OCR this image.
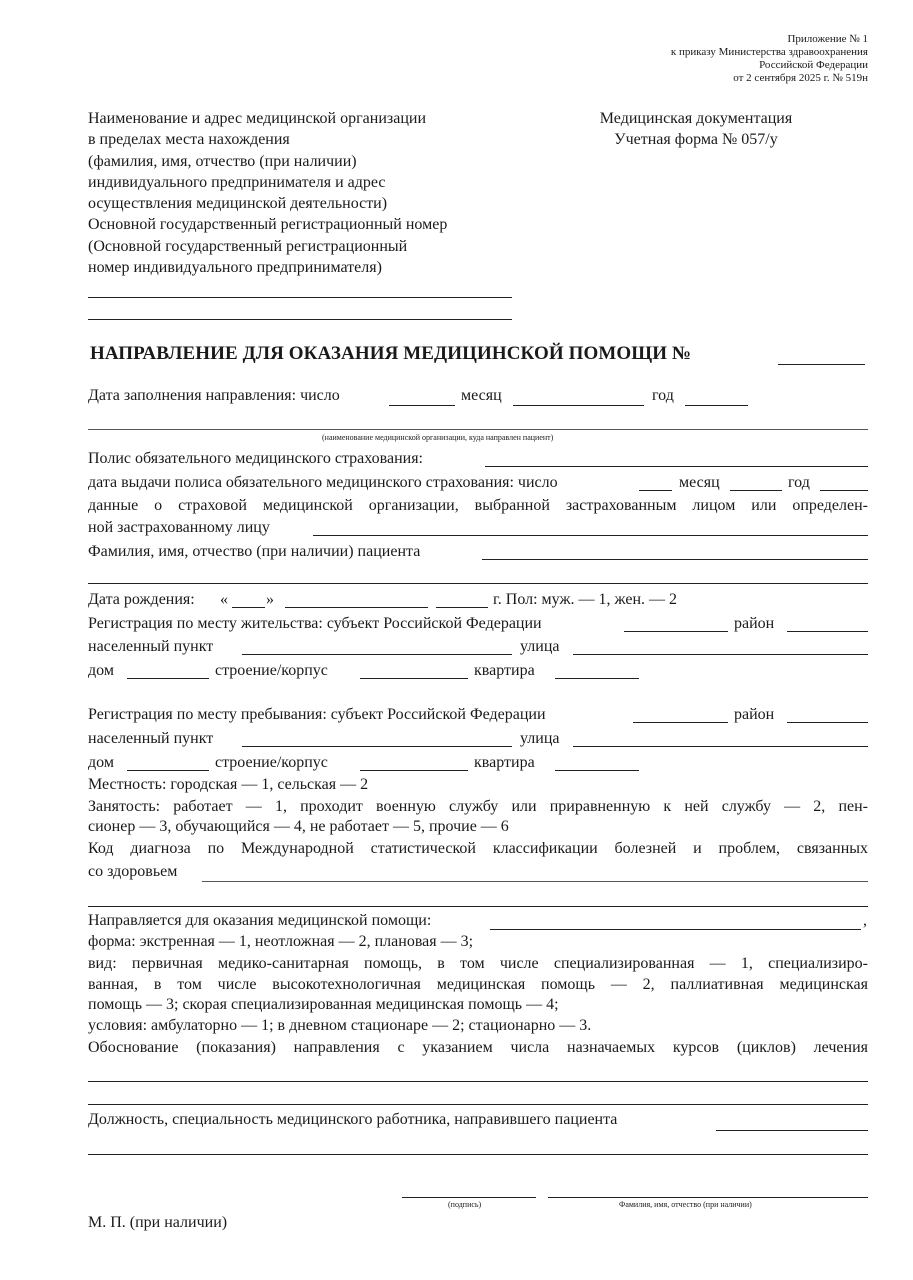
Приложение № 1
к приказу Министерства здравоохранения
Российской Федерации
от 2 сентября 2025 г. № 519н
Наименование и адрес медицинской организации
в пределах места нахождения
(фамилия, имя, отчество (при наличии)
индивидуального предпринимателя и адрес
осуществления медицинской деятельности)
Основной государственный регистрационный номер
(Основной государственный регистрационный
номер индивидуального предпринимателя)
Медицинская документация
Учетная форма № 057/у
НАПРАВЛЕНИЕ ДЛЯ ОКАЗАНИЯ МЕДИЦИНСКОЙ ПОМОЩИ №
Дата заполнения направления: число	месяц	год
(наименование медицинской организации, куда направлен пациент)
Полис обязательного медицинского страхования:
дата выдачи полиса обязательного медицинского страхования: число	месяц	год
данные о страховой медицинской организации, выбранной застрахованным лицом или определен-
ной застрахованному лицу
Фамилия, имя, отчество (при наличии) пациента
Дата рождения: « »	г. Пол: муж. — 1, жен. — 2
Регистрация по месту жительства: субъект Российской Федерации	район
населенный пункт	улица
дом	строение/корпус	квартира
Регистрация по месту пребывания: субъект Российской Федерации	район
населенный пункт	улица
дом	строение/корпус	квартира
Местность: городская — 1, сельская — 2
Занятость: работает — 1, проходит военную службу или приравненную к ней службу — 2, пен-
сионер — 3, обучающийся — 4, не работает — 5, прочие — 6
Код диагноза по Международной статистической классификации болезней и проблем, связанных
со здоровьем
Направляется для оказания медицинской помощи:	,
форма: экстренная — 1, неотложная — 2, плановая — 3;
вид: первичная медико-санитарная помощь, в том числе специализированная — 1, специализиро-
ванная, в том числе высокотехнологичная медицинская помощь — 2, паллиативная медицинская
помощь — 3; скорая специализированная медицинская помощь — 4;
условия: амбулаторно — 1; в дневном стационаре — 2; стационарно — 3.
Обоснование (показания) направления с указанием числа назначаемых курсов (циклов) лечения
Должность, специальность медицинского работника, направившего пациента
(подпись)	Фамилия, имя, отчество (при наличии)
М. П. (при наличии)
